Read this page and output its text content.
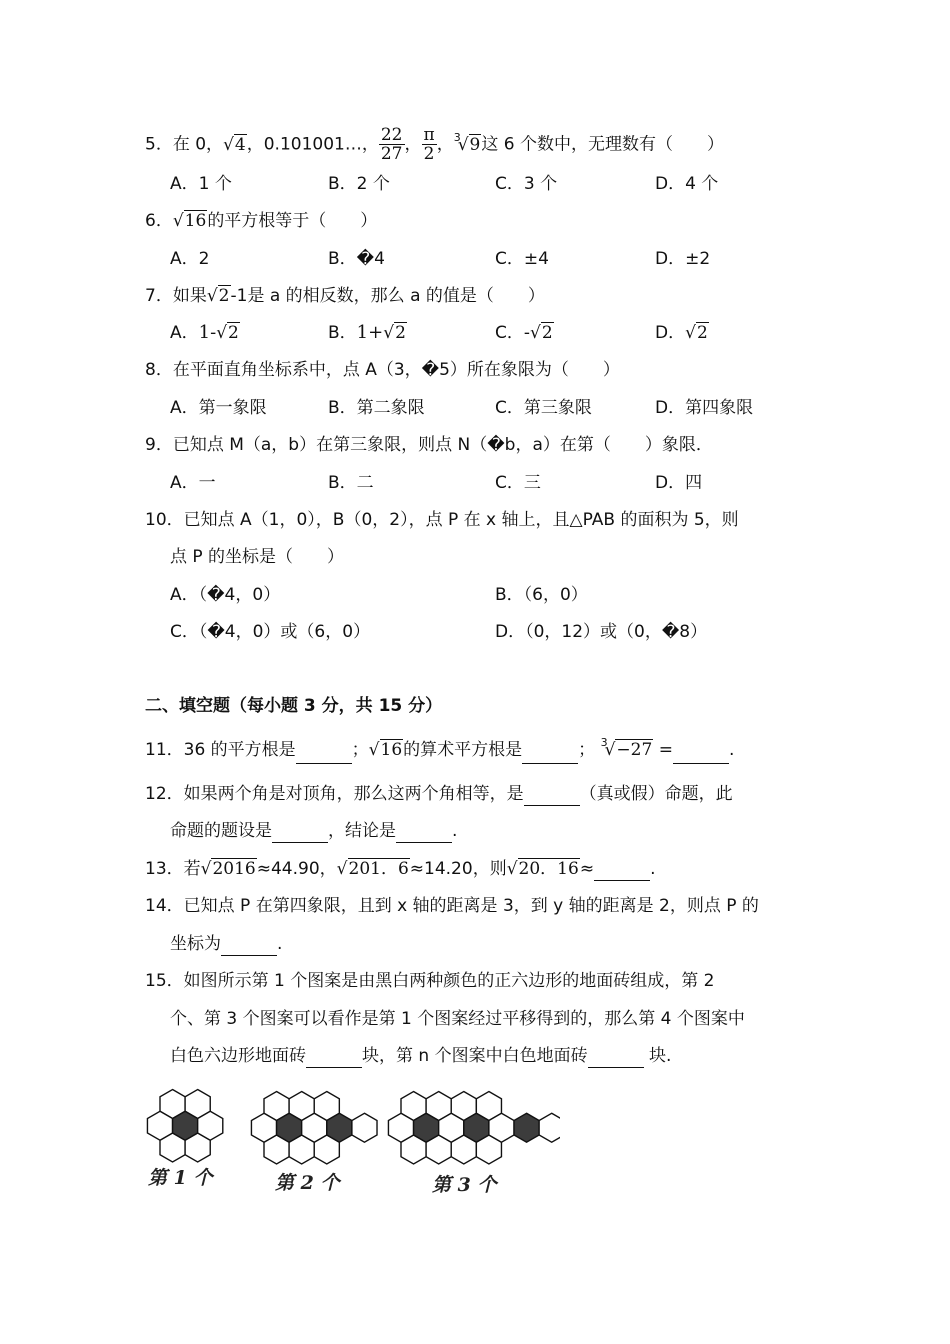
5．在 0，√4，0.101001…， $\frac{22}{27}$ ， $\frac{\pi}{2}$ ，$^3$√9这 6 个数中，无理数有（　　）
A．1 个	B．2 个	C．3 个	D．4 个
6．√16的平方根等于（　　）
A．2	B．�4	C．±4	D．±2
7．如果√2-1是 a 的相反数，那么 a 的值是（　　）
A．1-√2	B．1+√2	C．-√2	D．√2
8．在平面直角坐标系中，点 A（3，�5）所在象限为（　　）
A．第一象限	B．第二象限	C．第三象限	D．第四象限
9．已知点 M（a，b）在第三象限，则点 N（�b，a）在第（　　）象限．
A．一	B．二	C．三	D．四
10．已知点 A（1，0），B（0，2），点 P 在 x 轴上，且△PAB 的面积为 5，则
点 P 的坐标是（　　）
A．（�4，0）	B．（6，0）
C．（�4，0）或（6，0）	D．（0，12）或（0，�8）
二、填空题（每小题 3 分，共 15 分）
11．36 的平方根是	；√16的算术平方根是	； $^3$√−27 =	.
12．如果两个角是对顶角，那么这两个角相等，是	（真或假）命题，此
命题的题设是	，结论是	.
13．若√2016≈44.90，√201．6≈14.20，则√20．16≈	.
14．已知点 P 在第四象限，且到 x 轴的距离是 3，到 y 轴的距离是 2，则点 P 的
坐标为	.
15．如图所示第 1 个图案是由黑白两种颜色的正六边形的地面砖组成，第 2
个、第 3 个图案可以看作是第 1 个图案经过平移得到的，那么第 4 个图案中
白色六边形地面砖	块，第 n 个图案中白色地面砖	块.
第 1 个	第 2 个	第 3 个
